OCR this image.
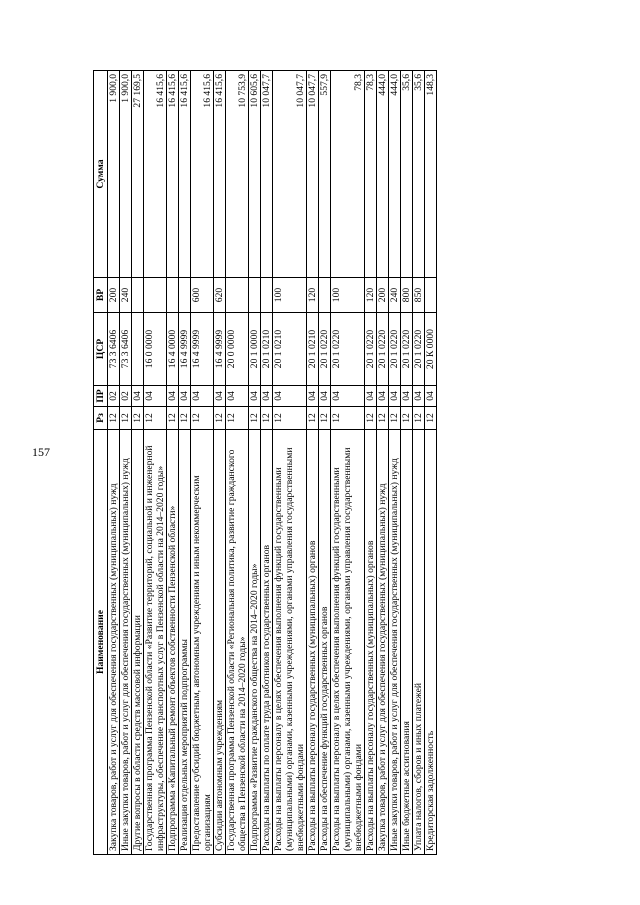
157
Наименование	Рз	ПР	ЦСР	ВР	Сумма
Закупка товаров, работ и услуг для обеспечения государственных (муниципальных) нужд	12	02	73 3 6406	200	1 900,0
Иные закупки товаров, работ и услуг для обеспечения государственных (муниципальных) нужд	12	02	73 3 6406	240	1 900,0
Другие вопросы в области средств массовой информации	12	04			27 169,5
Государственная программа Пензенской области «Развитие территорий, социальной и инженерной инфраструктуры, обеспечение транспортных услуг в Пензенской области на 2014–2020 годы»	12	04	16 0 0000		16 415,6
Подпрограмма «Капитальный ремонт объектов собственности Пензенской области»	12	04	16 4 0000		16 415,6
Реализация отдельных мероприятий подпрограммы	12	04	16 4 9999		16 415,6
Предоставление субсидий бюджетным, автономным учреждениям и иным некоммерческим организациям	12	04	16 4 9999	600	16 415,6
Субсидии автономным учреждениям	12	04	16 4 9999	620	16 415,6
Государственная программа Пензенской области «Региональная политика, развитие гражданского общества в Пензенской области на 2014–2020 годы»	12	04	20 0 0000		10 753,9
Подпрограмма «Развитие гражданского общества на 2014–2020 годы»	12	04	20 1 0000		10 605,6
Расходы на выплаты по оплате труда работников государственных органов	12	04	20 1 0210		10 047,7
Расходы на выплаты персоналу в целях обеспечения выполнения функций государственными (муниципальными) органами, казенными учреждениями, органами управления государственными внебюджетными фондами	12	04	20 1 0210	100	10 047,7
Расходы на выплаты персоналу государственных (муниципальных) органов	12	04	20 1 0210	120	10 047,7
Расходы на обеспечение функций государственных органов	12	04	20 1 0220		557,9
Расходы на выплаты персоналу в целях обеспечения выполнения функций государственными (муниципальными) органами, казенными учреждениями, органами управления государственными внебюджетными фондами	12	04	20 1 0220	100	78,3
Расходы на выплаты персоналу государственных (муниципальных) органов	12	04	20 1 0220	120	78,3
Закупка товаров, работ и услуг для обеспечения государственных (муниципальных) нужд	12	04	20 1 0220	200	444,0
Иные закупки товаров, работ и услуг для обеспечения государственных (муниципальных) нужд	12	04	20 1 0220	240	444,0
Иные бюджетные ассигнования	12	04	20 1 0220	800	35,6
Уплата налогов, сборов и иных платежей	12	04	20 1 0220	850	35,6
Кредиторская задолженность	12	04	20 К 0000		148,3
